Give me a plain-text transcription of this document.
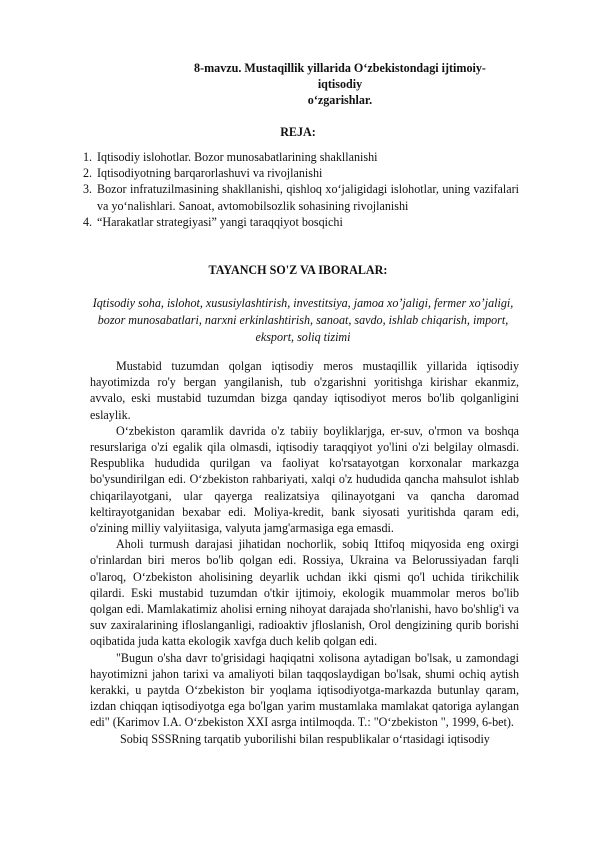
8-mavzu. Mustaqillik yillarida O‘zbekistondagi ijtimoiy-
iqtisodiy
o‘zgarishlar.
REJA:
1. Iqtisodiy islohotlar. Bozor munosabatlarining shakllanishi
2. Iqtisodiyotning barqarorlashuvi va rivojlanishi
3. Bozor infratuzilmasining shakllanishi, qishloq xo‘jaligidagi islohotlar, uning vazifalari va yo‘nalishlari. Sanoat, avtomobilsozlik sohasining rivojlanishi
4. “Harakatlar strategiyasi” yangi taraqqiyot bosqichi
TAYANCH SO'Z VA IBORALAR:
Iqtisodiy soha, islohot, xususiylashtirish, investitsiya, jamoa xo’jaligi, fermer xo’jaligi, bozor munosabatlari, narxni erkinlashtirish, sanoat, savdo, ishlab chiqarish, import, eksport, soliq tizimi

Mustabid tuzumdan qolgan iqtisodiy meros mustaqillik yillarida iqtisodiy hayotimizda ro'y bergan yangilanish, tub o'zgarishni yoritishga kirishar ekanmiz, avvalo, eski mustabid tuzumdan bizga qanday iqtisodiyot meros bo'lib qolganligini eslaylik.

O‘zbekiston qaramlik davrida o'z tabiiy boyliklarjga, er-suv, o'rmon va boshqa resurslariga o'zi egalik qila olmasdi, iqtisodiy taraqqiyot yo'lini o'zi belgilay olmasdi. Respublika hududida qurilgan va faoliyat ko'rsatayotgan korxonalar markazga bo'ysundirilgan edi. O‘zbekiston rahbariyati, xalqi o'z hududida qancha mahsulot ishlab chiqarilayotgani, ular qayerga realizatsiya qilinayotgani va qancha daromad keltirayotganidan bexabar edi. Moliya-kredit, bank siyosati yuritishda qaram edi, o'zining milliy valyiitasiga, valyuta jamg'armasiga ega emasdi.

Aholi turmush darajasi jihatidan nochorlik, sobiq Ittifoq miqyosida eng oxirgi o'rinlardan biri meros bo'lib qolgan edi. Rossiya, Ukraina va Belorussiyadan farqli o'laroq, O‘zbekiston aholisining deyarlik uchdan ikki qismi qo'l uchida tirikchilik qilardi. Eski mustabid tuzumdan o'tkir ijtimoiy, ekologik muammolar meros bo'lib qolgan edi. Mamlakatimiz aholisi erning nihoyat darajada sho'rlanishi, havo bo'shlig'i va suv zaxiralarining ifloslanganligi, radioaktiv jfloslanish, Orol dengizining qurib borishi oqibatida juda katta ekologik xavfga duch kelib qolgan edi.

"Bugun o'sha davr to'grisidagi haqiqatni xolisona aytadigan bo'lsak, u zamondagi hayotimizni jahon tarixi va amaliyoti bilan taqqoslaydigan bo'lsak, shumi ochiq aytish kerakki, u paytda O‘zbekiston bir yoqlama iqtisodiyotga-markazda butunlay qaram, izdan chiqqan iqtisodiyotga ega bo'lgan yarim mustamlaka mamlakat qatoriga aylangan edi" (Karimov I.A. O‘zbekiston XXI asrga intilmoqda. T.: "O‘zbekiston ", 1999, 6-bet).

Sobiq SSSRning tarqatib yuborilishi bilan respublikalar o‘rtasidagi iqtisodiy
